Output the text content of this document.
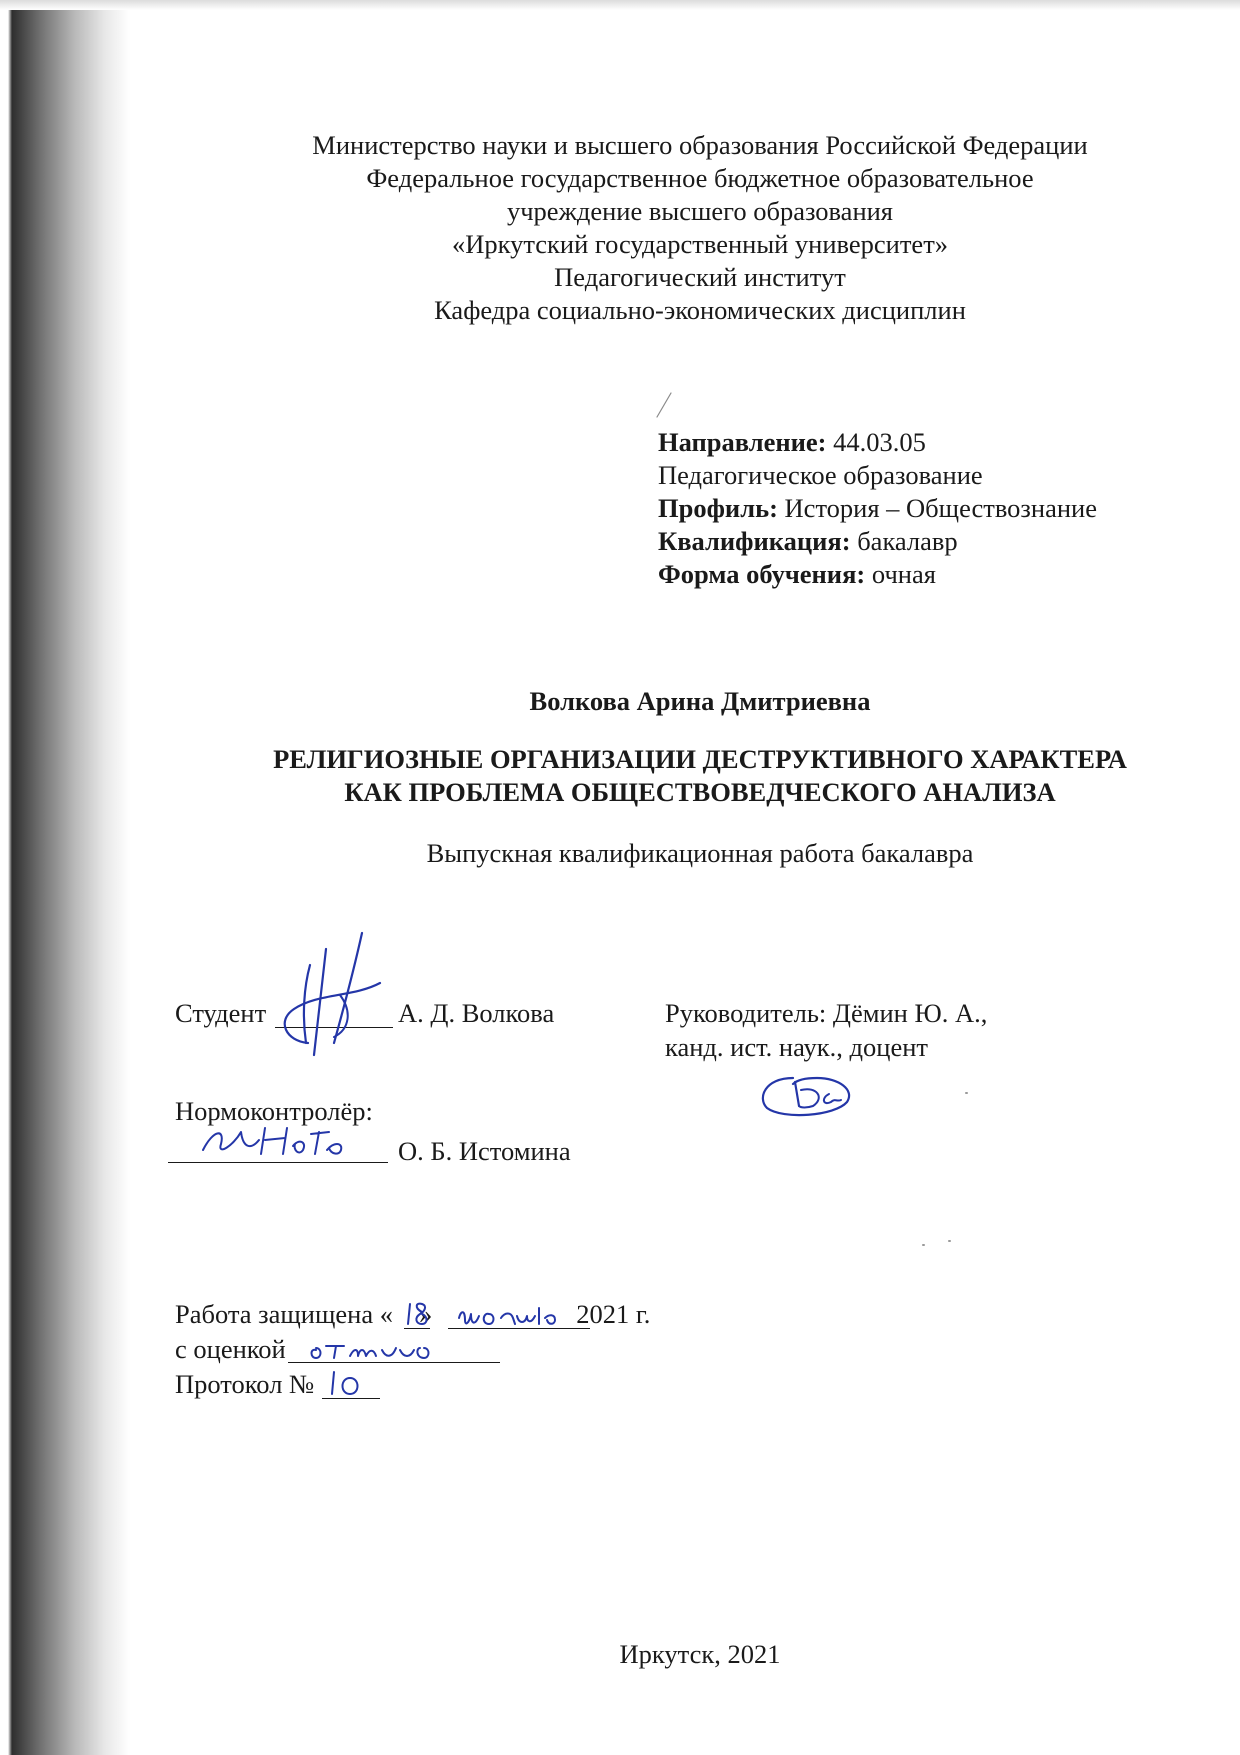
Министерство науки и высшего образования Российской Федерации
Федеральное государственное бюджетное образовательное
учреждение высшего образования
«Иркутский государственный университет»
Педагогический институт
Кафедра социально-экономических дисциплин
Направление: 44.03.05
Педагогическое образование
Профиль: История – Обществознание
Квалификация: бакалавр
Форма обучения: очная
Волкова Арина Дмитриевна
РЕЛИГИОЗНЫЕ ОРГАНИЗАЦИИ ДЕСТРУКТИВНОГО ХАРАКТЕРА
КАК ПРОБЛЕМА ОБЩЕСТВОВЕДЧЕСКОГО АНАЛИЗА
Выпускная квалификационная работа бакалавра
Студент	А. Д. Волкова	Руководитель: Дёмин Ю. А.,
канд. ист. наук., доцент
Нормоконтролёр:
О. Б. Истомина
Работа защищена « »	2021 г.
с оценкой
Протокол №
Иркутск, 2021
